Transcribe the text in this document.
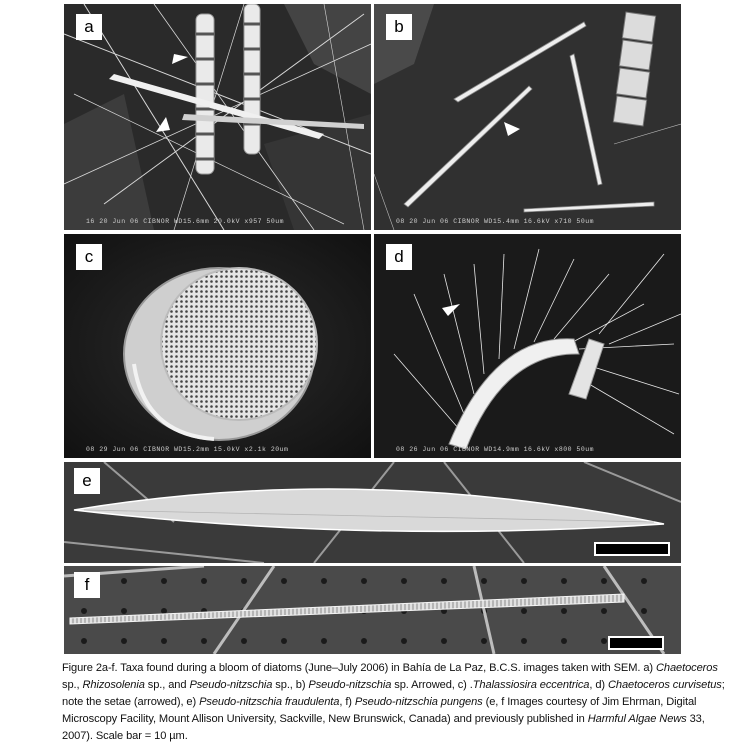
a
16 20 Jun 06 CIBNOR WD15.6mm 20.0kV x957 50um
b
08 20 Jun 06 CIBNOR WD15.4mm 16.6kV x710 50um
c
08 29 Jun 06 CIBNOR WD15.2mm 15.0kV x2.1k 20um
d
08 26 Jun 06 CIBNOR WD14.9mm 16.6kV x800 50um
e
f
Figure 2a-f. Taxa found during a bloom of diatoms (June–July 2006) in Bahía de La Paz, B.C.S. images taken with SEM. a) Chaetoceros sp., Rhizosolenia sp., and Pseudo-nitzschia sp., b) Pseudo-nitzschia sp. Arrowed, c) .Thalassiosira eccentrica, d) Chaetoceros curvisetus; note the setae (arrowed), e) Pseudo-nitzschia fraudulenta, f) Pseudo-nitzschia pungens (e, f Images courtesy of Jim Ehrman, Digital Microscopy Facility, Mount Allison University, Sackville, New Brunswick, Canada) and previously published in Harmful Algae News 33, 2007). Scale bar = 10 µm.
